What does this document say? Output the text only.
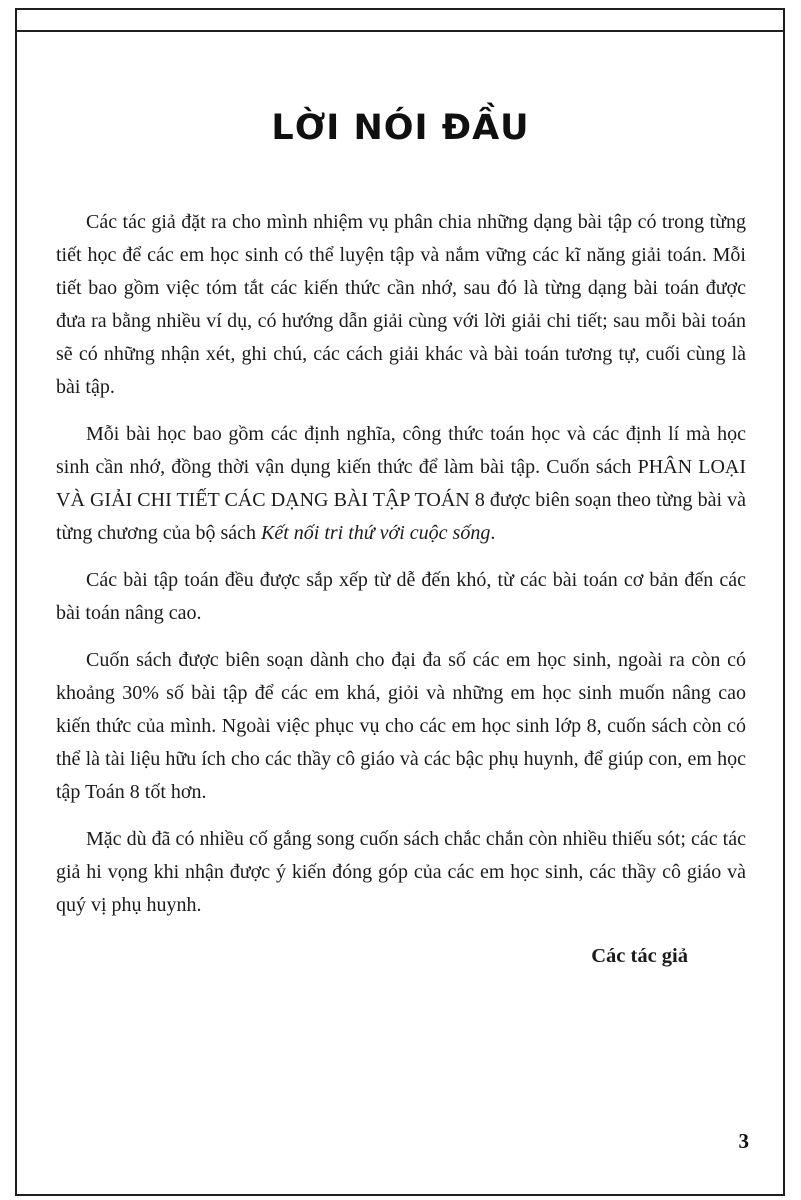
LỜI NÓI ĐẦU

Các tác giả đặt ra cho mình nhiệm vụ phân chia những dạng bài tập có trong từng tiết học để các em học sinh có thể luyện tập và nắm vững các kĩ năng giải toán. Mỗi tiết bao gồm việc tóm tắt các kiến thức cần nhớ, sau đó là từng dạng bài toán được đưa ra bằng nhiều ví dụ, có hướng dẫn giải cùng với lời giải chi tiết; sau mỗi bài toán sẽ có những nhận xét, ghi chú, các cách giải khác và bài toán tương tự, cuối cùng là bài tập.

Mỗi bài học bao gồm các định nghĩa, công thức toán học và các định lí mà học sinh cần nhớ, đồng thời vận dụng kiến thức để làm bài tập. Cuốn sách PHÂN LOẠI VÀ GIẢI CHI TIẾT CÁC DẠNG BÀI TẬP TOÁN 8 được biên soạn theo từng bài và từng chương của bộ sách Kết nối tri thứ với cuộc sống.

Các bài tập toán đều được sắp xếp từ dễ đến khó, từ các bài toán cơ bản đến các bài toán nâng cao.

Cuốn sách được biên soạn dành cho đại đa số các em học sinh, ngoài ra còn có khoảng 30% số bài tập để các em khá, giỏi và những em học sinh muốn nâng cao kiến thức của mình. Ngoài việc phục vụ cho các em học sinh lớp 8, cuốn sách còn có thể là tài liệu hữu ích cho các thầy cô giáo và các bậc phụ huynh, để giúp con, em học tập Toán 8 tốt hơn.

Mặc dù đã có nhiều cố gắng song cuốn sách chắc chắn còn nhiều thiếu sót; các tác giả hi vọng khi nhận được ý kiến đóng góp của các em học sinh, các thầy cô giáo và quý vị phụ huynh.

Các tác giả

3
